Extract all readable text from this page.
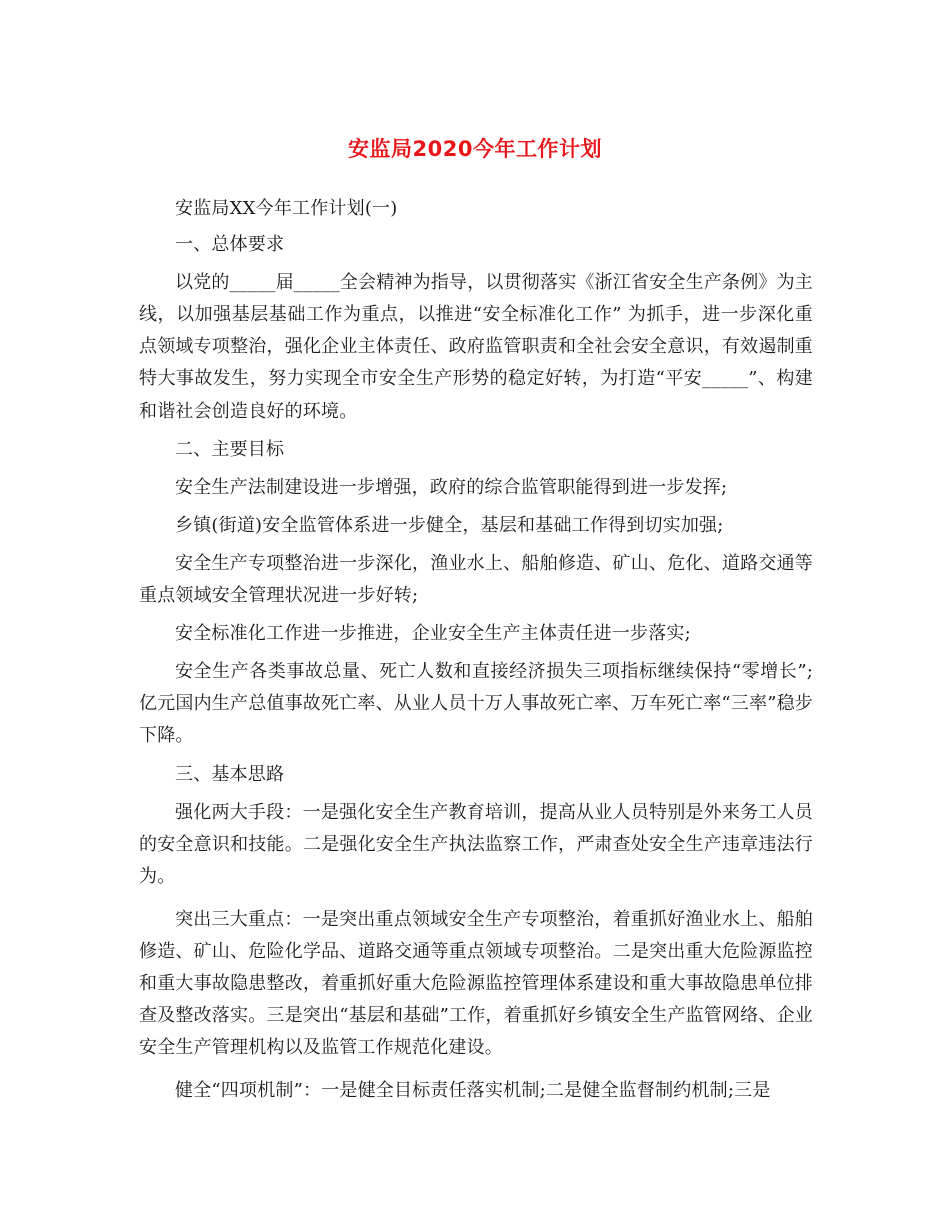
安监局2020今年工作计划

安监局XX今年工作计划(一)

一、总体要求

以党的_____届_____全会精神为指导，以贯彻落实《浙江省安全生产条例》为主线，以加强基层基础工作为重点，以推进“安全标准化工作” 为抓手，进一步深化重点领域专项整治，强化企业主体责任、政府监管职责和全社会安全意识，有效遏制重特大事故发生，努力实现全市安全生产形势的稳定好转，为打造“平安_____”、构建和谐社会创造良好的环境。

二、主要目标

安全生产法制建设进一步增强，政府的综合监管职能得到进一步发挥;

乡镇(街道)安全监管体系进一步健全，基层和基础工作得到切实加强;

安全生产专项整治进一步深化，渔业水上、船舶修造、矿山、危化、道路交通等重点领域安全管理状况进一步好转;

安全标准化工作进一步推进，企业安全生产主体责任进一步落实;

安全生产各类事故总量、死亡人数和直接经济损失三项指标继续保持“零增长”;亿元国内生产总值事故死亡率、从业人员十万人事故死亡率、万车死亡率“三率”稳步下降。

三、基本思路

强化两大手段：一是强化安全生产教育培训，提高从业人员特别是外来务工人员的安全意识和技能。二是强化安全生产执法监察工作，严肃查处安全生产违章违法行为。

突出三大重点：一是突出重点领域安全生产专项整治，着重抓好渔业水上、船舶修造、矿山、危险化学品、道路交通等重点领域专项整治。二是突出重大危险源监控和重大事故隐患整改，着重抓好重大危险源监控管理体系建设和重大事故隐患单位排查及整改落实。三是突出“基层和基础”工作，着重抓好乡镇安全生产监管网络、企业安全生产管理机构以及监管工作规范化建设。

健全“四项机制”：一是健全目标责任落实机制;二是健全监督制约机制;三是
